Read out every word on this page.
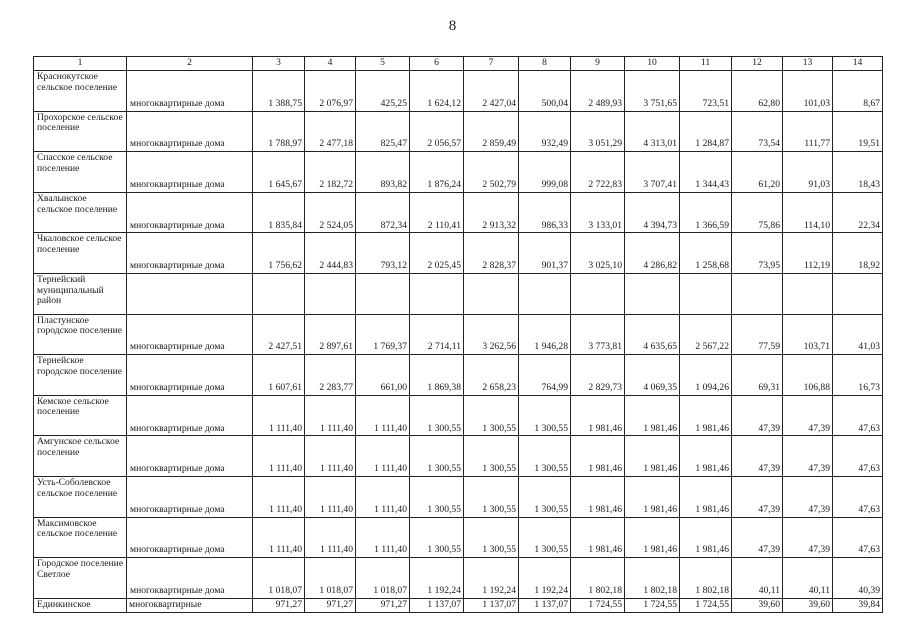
8
1	2	3	4	5	6	7	8	9	10	11	12	13	14
Краснокутское сельское поселение	многоквартирные дома	1 388,75	2 076,97	425,25	1 624,12	2 427,04	500,04	2 489,93	3 751,65	723,51	62,80	101,03	8,67
Прохорское сельское поселение	многоквартирные дома	1 788,97	2 477,18	825,47	2 056,57	2 859,49	932,49	3 051,29	4 313,01	1 284,87	73,54	111,77	19,51
Спасское сельское поселение	многоквартирные дома	1 645,67	2 182,72	893,82	1 876,24	2 502,79	999,08	2 722,83	3 707,41	1 344,43	61,20	91,03	18,43
Хвалынское сельское поселение	многоквартирные дома	1 835,84	2 524,05	872,34	2 110,41	2 913,32	986,33	3 133,01	4 394,73	1 366,59	75,86	114,10	22,34
Чкаловское сельское поселение	многоквартирные дома	1 756,62	2 444,83	793,12	2 025,45	2 828,37	901,37	3 025,10	4 286,82	1 258,68	73,95	112,19	18,92
Тернейский муниципальный район													
Пластунское городское поселение	многоквартирные дома	2 427,51	2 897,61	1 769,37	2 714,11	3 262,56	1 946,28	3 773,81	4 635,65	2 567,22	77,59	103,71	41,03
Тернейское городское поселение	многоквартирные дома	1 607,61	2 283,77	661,00	1 869,38	2 658,23	764,99	2 829,73	4 069,35	1 094,26	69,31	106,88	16,73
Кемское сельское поселение	многоквартирные дома	1 111,40	1 111,40	1 111,40	1 300,55	1 300,55	1 300,55	1 981,46	1 981,46	1 981,46	47,39	47,39	47,63
Амгунское сельское поселение	многоквартирные дома	1 111,40	1 111,40	1 111,40	1 300,55	1 300,55	1 300,55	1 981,46	1 981,46	1 981,46	47,39	47,39	47,63
Усть-Соболевское сельское поселение	многоквартирные дома	1 111,40	1 111,40	1 111,40	1 300,55	1 300,55	1 300,55	1 981,46	1 981,46	1 981,46	47,39	47,39	47,63
Максимовское сельское поселение	многоквартирные дома	1 111,40	1 111,40	1 111,40	1 300,55	1 300,55	1 300,55	1 981,46	1 981,46	1 981,46	47,39	47,39	47,63
Городское поселение Светлое	многоквартирные дома	1 018,07	1 018,07	1 018,07	1 192,24	1 192,24	1 192,24	1 802,18	1 802,18	1 802,18	40,11	40,11	40,39
Единкинское	многоквартирные	971,27	971,27	971,27	1 137,07	1 137,07	1 137,07	1 724,55	1 724,55	1 724,55	39,60	39,60	39,84
